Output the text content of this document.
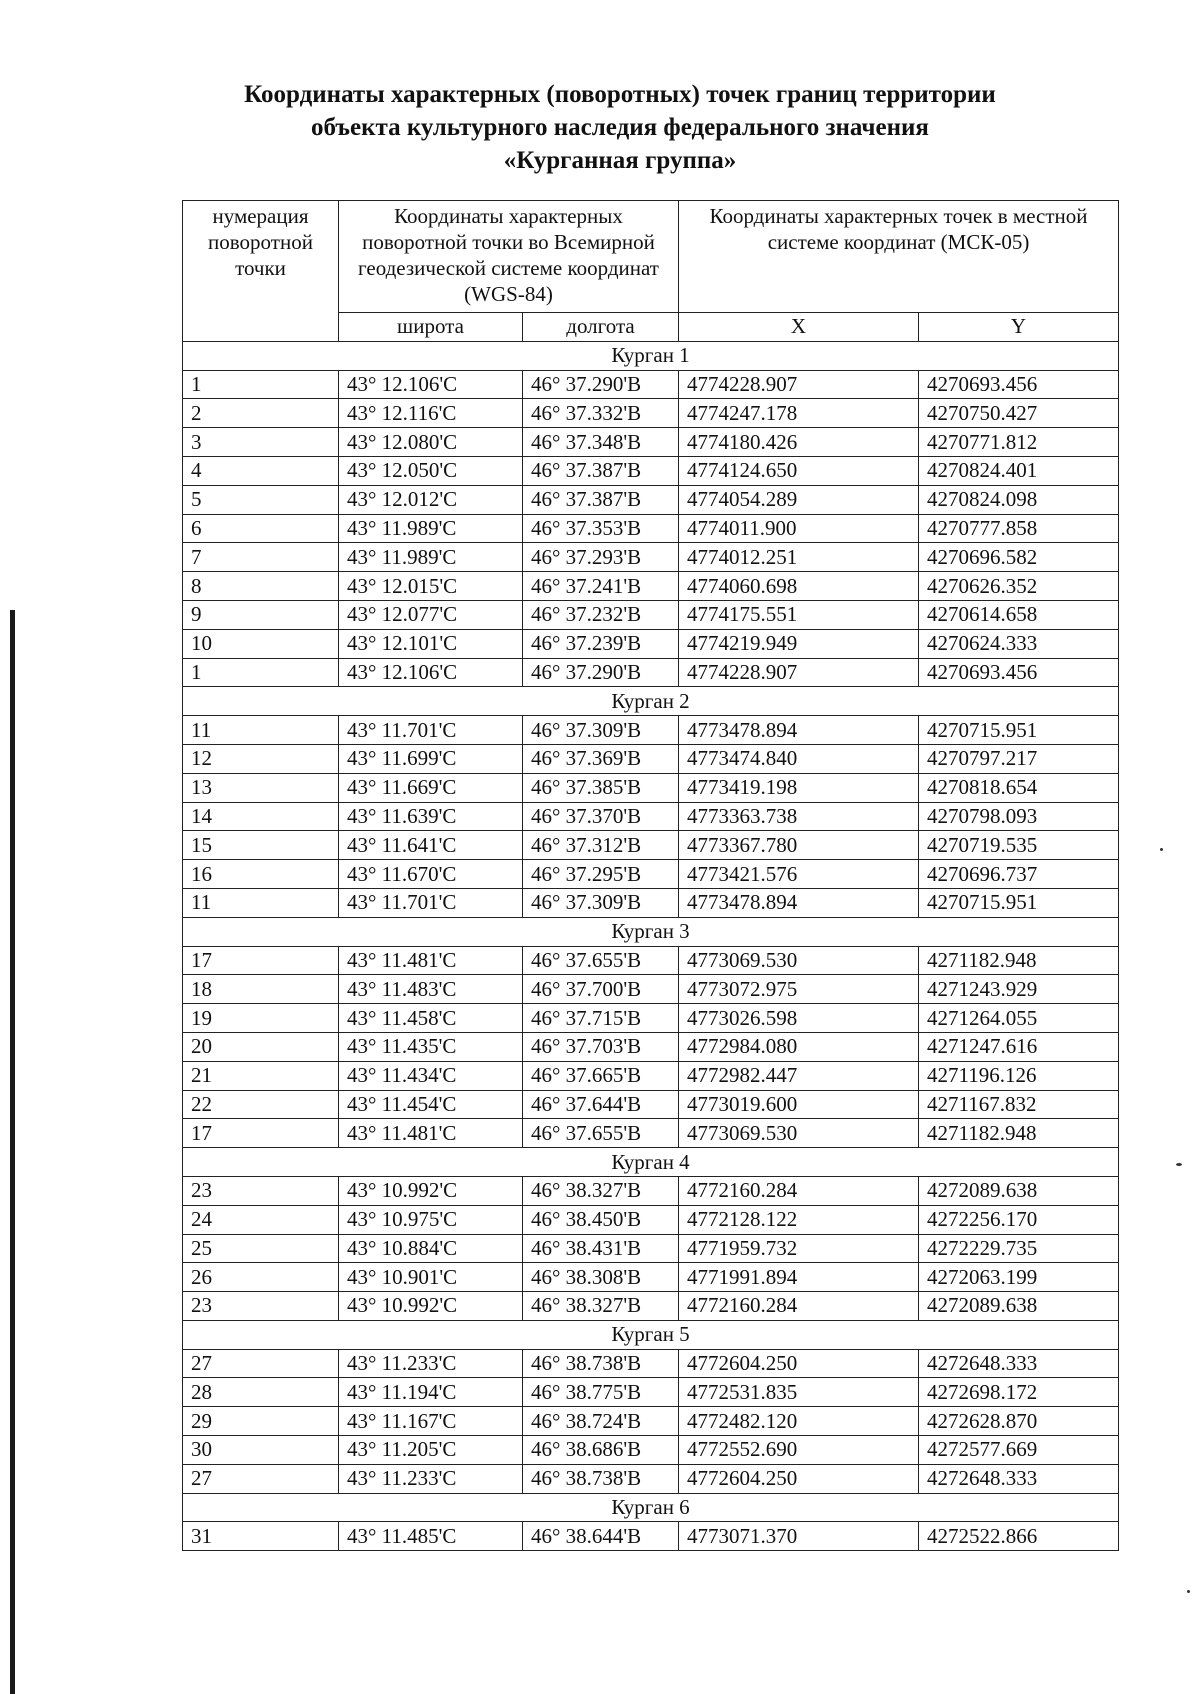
Координаты характерных (поворотных) точек границ территории
объекта культурного наследия федерального значения
«Курганная группа»
нумерация поворотной точки	Координаты характерных поворотной точки во Всемирной геодезической системе координат (WGS-84)		Координаты характерных точек в местной системе координат (МСК-05)	
	широта	долгота	X	Y
Курган 1				
1	43° 12.106'С	46° 37.290'В	4774228.907	4270693.456
2	43° 12.116'С	46° 37.332'В	4774247.178	4270750.427
3	43° 12.080'С	46° 37.348'В	4774180.426	4270771.812
4	43° 12.050'С	46° 37.387'В	4774124.650	4270824.401
5	43° 12.012'С	46° 37.387'В	4774054.289	4270824.098
6	43° 11.989'С	46° 37.353'В	4774011.900	4270777.858
7	43° 11.989'С	46° 37.293'В	4774012.251	4270696.582
8	43° 12.015'С	46° 37.241'В	4774060.698	4270626.352
9	43° 12.077'С	46° 37.232'В	4774175.551	4270614.658
10	43° 12.101'С	46° 37.239'В	4774219.949	4270624.333
1	43° 12.106'С	46° 37.290'В	4774228.907	4270693.456
Курган 2				
11	43° 11.701'С	46° 37.309'В	4773478.894	4270715.951
12	43° 11.699'С	46° 37.369'В	4773474.840	4270797.217
13	43° 11.669'С	46° 37.385'В	4773419.198	4270818.654
14	43° 11.639'С	46° 37.370'В	4773363.738	4270798.093
15	43° 11.641'С	46° 37.312'В	4773367.780	4270719.535
16	43° 11.670'С	46° 37.295'В	4773421.576	4270696.737
11	43° 11.701'С	46° 37.309'В	4773478.894	4270715.951
Курган 3				
17	43° 11.481'С	46° 37.655'В	4773069.530	4271182.948
18	43° 11.483'С	46° 37.700'В	4773072.975	4271243.929
19	43° 11.458'С	46° 37.715'В	4773026.598	4271264.055
20	43° 11.435'С	46° 37.703'В	4772984.080	4271247.616
21	43° 11.434'С	46° 37.665'В	4772982.447	4271196.126
22	43° 11.454'С	46° 37.644'В	4773019.600	4271167.832
17	43° 11.481'С	46° 37.655'В	4773069.530	4271182.948
Курган 4				
23	43° 10.992'С	46° 38.327'В	4772160.284	4272089.638
24	43° 10.975'С	46° 38.450'В	4772128.122	4272256.170
25	43° 10.884'С	46° 38.431'В	4771959.732	4272229.735
26	43° 10.901'С	46° 38.308'В	4771991.894	4272063.199
23	43° 10.992'С	46° 38.327'В	4772160.284	4272089.638
Курган 5				
27	43° 11.233'С	46° 38.738'В	4772604.250	4272648.333
28	43° 11.194'С	46° 38.775'В	4772531.835	4272698.172
29	43° 11.167'С	46° 38.724'В	4772482.120	4272628.870
30	43° 11.205'С	46° 38.686'В	4772552.690	4272577.669
27	43° 11.233'С	46° 38.738'В	4772604.250	4272648.333
Курган 6				
31	43° 11.485'С	46° 38.644'В	4773071.370	4272522.866
